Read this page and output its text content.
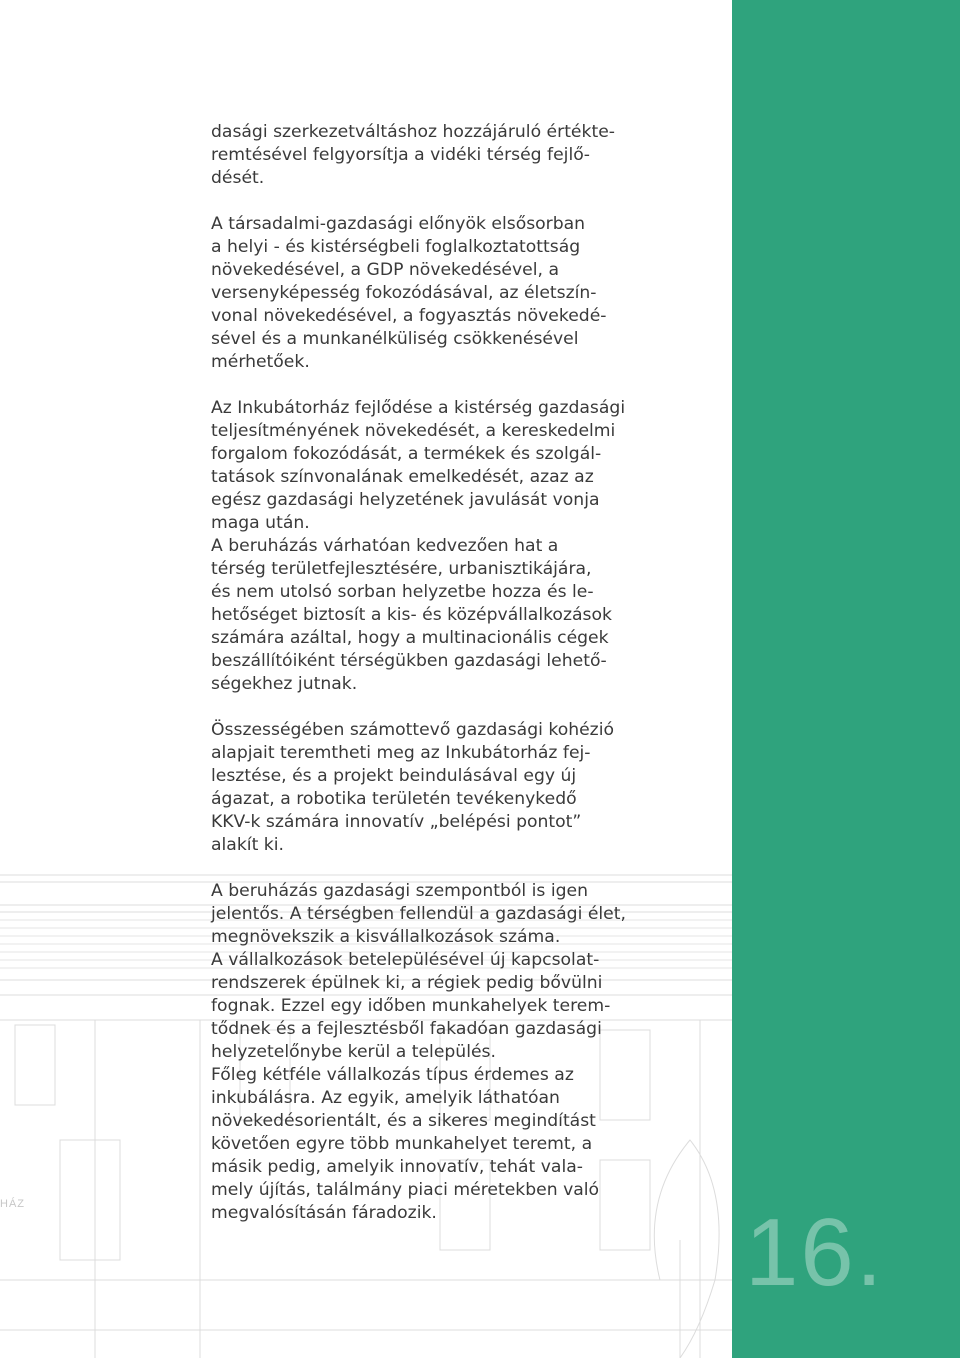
HÁZ	16.

dasági szerkezetváltáshoz hozzájáruló értékte-
remtésével felgyorsítja a vidéki térség fejlő-
dését.

A társadalmi-gazdasági előnyök elsősorban
a helyi - és kistérségbeli foglalkoztatottság
növekedésével, a GDP növekedésével, a
versenyképesség fokozódásával, az életszín-
vonal növekedésével, a fogyasztás növekedé-
sével és a munkanélküliség csökkenésével
mérhetőek.

Az Inkubátorház fejlődése a kistérség gazdasági
teljesítményének növekedését, a kereskedelmi
forgalom fokozódását, a termékek és szolgál-
tatások színvonalának emelkedését, azaz az
egész gazdasági helyzetének javulását vonja
maga után.

A beruházás várhatóan kedvezően hat a
térség területfejlesztésére, urbanisztikájára,
és nem utolsó sorban helyzetbe hozza és le-
hetőséget biztosít a kis- és középvállalkozások
számára azáltal, hogy a multinacionális cégek
beszállítóiként térségükben gazdasági lehető-
ségekhez jutnak.

Összességében számottevő gazdasági kohézió
alapjait teremtheti meg az Inkubátorház fej-
lesztése, és a projekt beindulásával egy új
ágazat, a robotika területén tevékenykedő
KKV-k számára innovatív „belépési pontot”
alakít ki.

A beruházás gazdasági szempontból is igen
jelentős. A térségben fellendül a gazdasági élet,
megnövekszik a kisvállalkozások száma.
A vállalkozások betelepülésével új kapcsolat-
rendszerek épülnek ki, a régiek pedig bővülni
fognak. Ezzel egy időben munkahelyek terem-
tődnek és a fejlesztésből fakadóan gazdasági
helyzetelőnybe kerül a település.
Főleg kétféle vállalkozás típus érdemes az
inkubálásra. Az egyik, amelyik láthatóan
növekedésorientált, és a sikeres megindítást
követően egyre több munkahelyet teremt, a
másik pedig, amelyik innovatív, tehát vala-
mely újítás, találmány piaci méretekben való
megvalósításán fáradozik.
